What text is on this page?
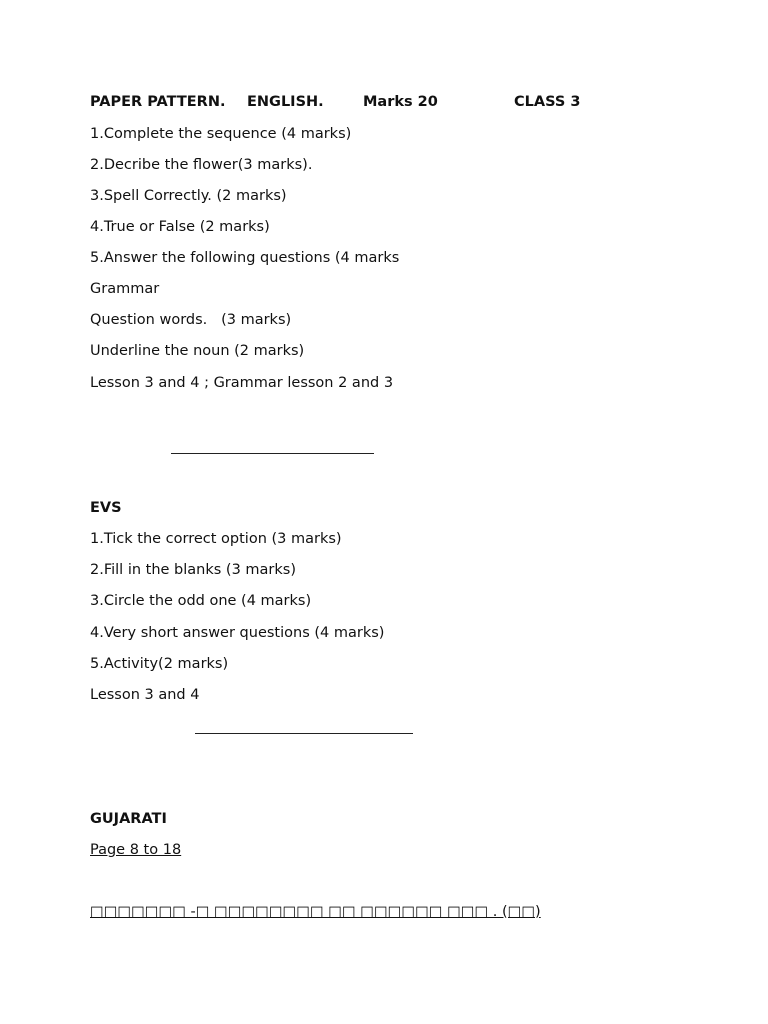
PAPER PATTERN.

ENGLISH.

	Marks 20

	CLASS 3

1.Complete the sequence (4 marks)
2.Decribe the flower(3 marks).
3.Spell Correctly. (2 marks)
4.True or False (2 marks)
5.Answer the following questions (4 marks
Grammar
Question words.   (3 marks)
Underline the noun (2 marks)
Lesson 3 and 4 ; Grammar lesson 2 and 3
EVS
1.Tick the correct option (3 marks)
2.Fill in the blanks (3 marks)
3.Circle the odd one (4 marks)
4.Very short answer questions (4 marks)
5.Activity(2 marks)
Lesson 3 and 4
GUJARATI
Page 8 to 18
□□□□□□□ -□ □□□□□□□□ □□ □□□□□□ □□□ . (□□)
